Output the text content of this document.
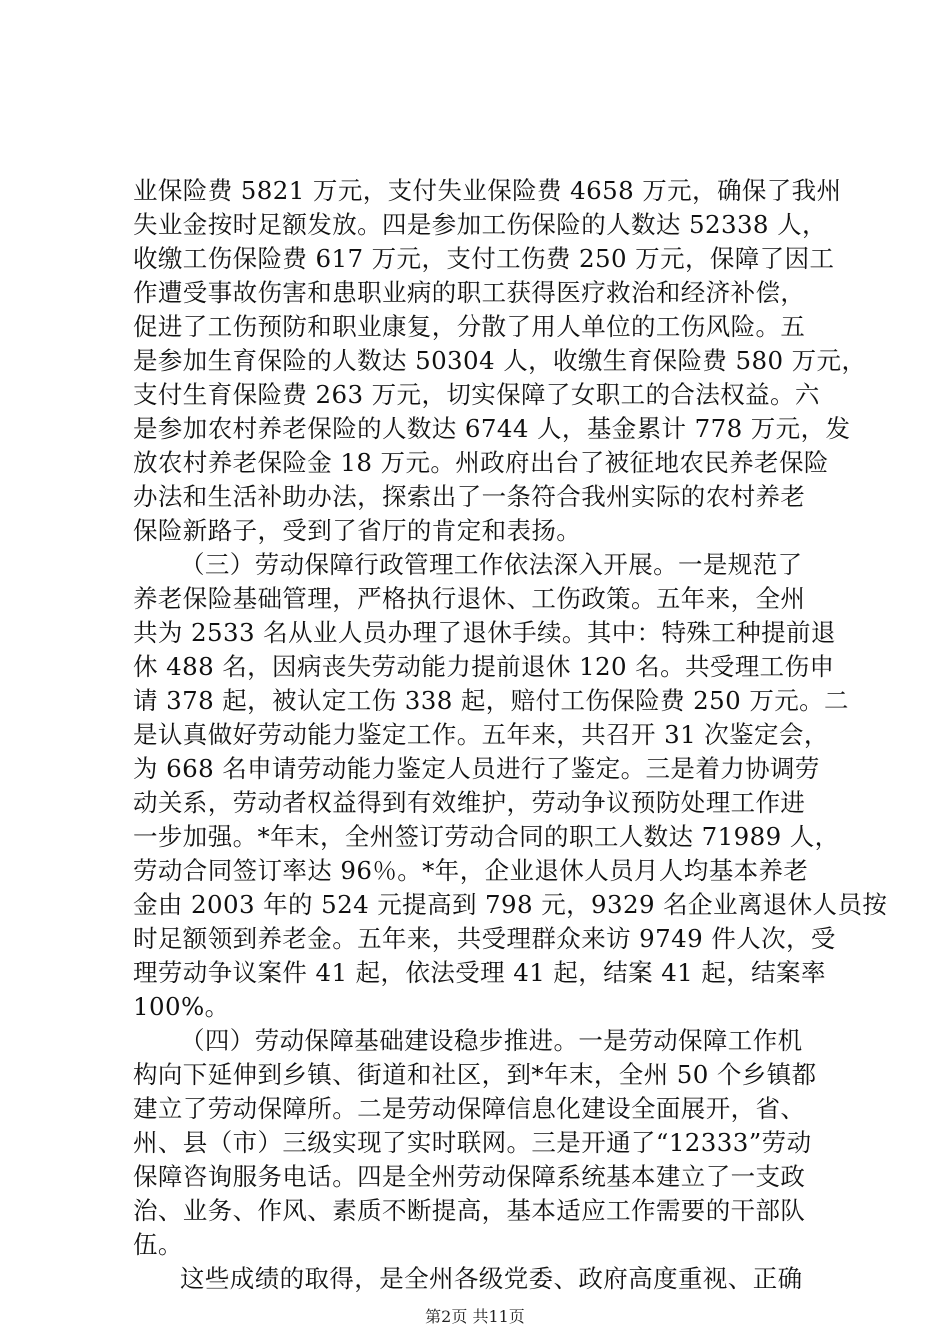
业保险费 5821 万元，支付失业保险费 4658 万元，确保了我州
失业金按时足额发放。四是参加工伤保险的人数达 52338 人，
收缴工伤保险费 617 万元，支付工伤费 250 万元，保障了因工
作遭受事故伤害和患职业病的职工获得医疗救治和经济补偿，
促进了工伤预防和职业康复，分散了用人单位的工伤风险。五
是参加生育保险的人数达 50304 人，收缴生育保险费 580 万元，
支付生育保险费 263 万元，切实保障了女职工的合法权益。六
是参加农村养老保险的人数达 6744 人，基金累计 778 万元，发
放农村养老保险金 18 万元。州政府出台了被征地农民养老保险
办法和生活补助办法，探索出了一条符合我州实际的农村养老
保险新路子，受到了省厅的肯定和表扬。
（三）劳动保障行政管理工作依法深入开展。一是规范了
养老保险基础管理，严格执行退休、工伤政策。五年来，全州
共为 2533 名从业人员办理了退休手续。其中：特殊工种提前退
休 488 名，因病丧失劳动能力提前退休 120 名。共受理工伤申
请 378 起，被认定工伤 338 起，赔付工伤保险费 250 万元。二
是认真做好劳动能力鉴定工作。五年来，共召开 31 次鉴定会，
为 668 名申请劳动能力鉴定人员进行了鉴定。三是着力协调劳
动关系，劳动者权益得到有效维护，劳动争议预防处理工作进
一步加强。*年末，全州签订劳动合同的职工人数达 71989 人，
劳动合同签订率达 96％。*年，企业退休人员月人均基本养老
金由 2003 年的 524 元提高到 798 元，9329 名企业离退休人员按
时足额领到养老金。五年来，共受理群众来访 9749 件人次，受
理劳动争议案件 41 起，依法受理 41 起，结案 41 起，结案率
100%。
（四）劳动保障基础建设稳步推进。一是劳动保障工作机
构向下延伸到乡镇、街道和社区，到*年末，全州 50 个乡镇都
建立了劳动保障所。二是劳动保障信息化建设全面展开，省、
州、县（市）三级实现了实时联网。三是开通了“12333”劳动
保障咨询服务电话。四是全州劳动保障系统基本建立了一支政
治、业务、作风、素质不断提高，基本适应工作需要的干部队
伍。
这些成绩的取得，是全州各级党委、政府高度重视、正确
第2页 共11页
